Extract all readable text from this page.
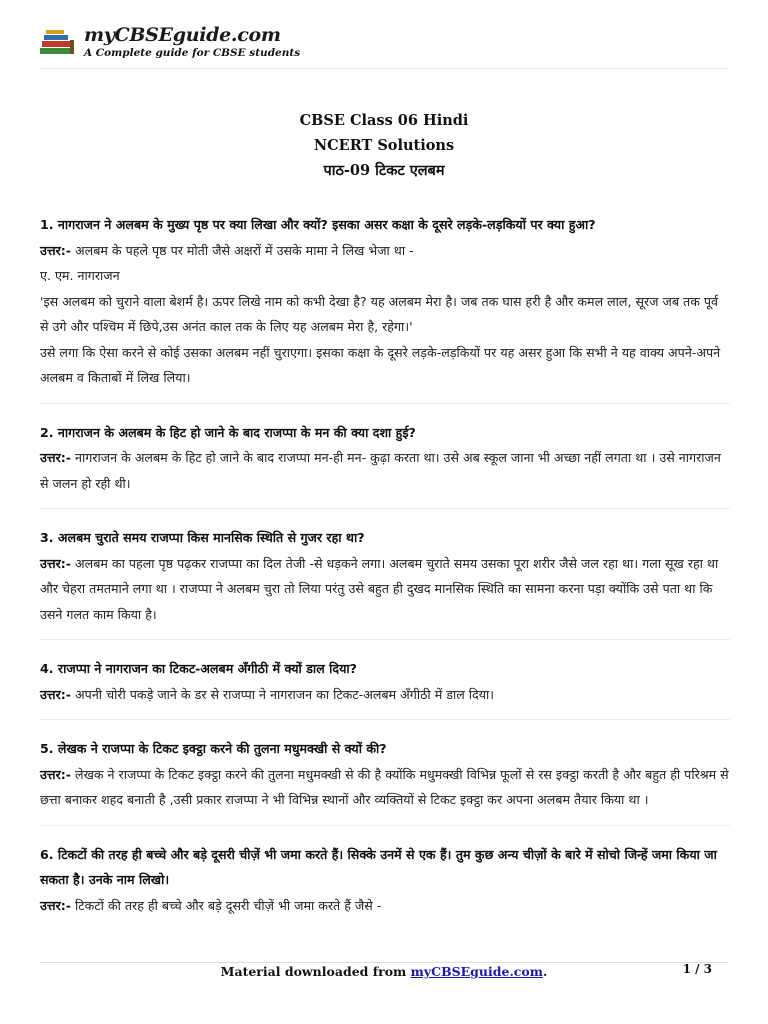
myCBSEguide.com
A Complete guide for CBSE students
CBSE Class 06 Hindi
NCERT Solutions
पाठ-09 टिकट एलबम
1. नागराजन ने अलबम के मुख्य पृष्ठ पर क्या लिखा और क्यों? इसका असर कक्षा के दूसरे लड़के-लड़कियों पर क्या हुआ?
उत्तर:- अलबम के पहले पृष्ठ पर मोती जैसे अक्षरों में उसके मामा ने लिख भेजा था -
ए. एम. नागराजन
'इस अलबम को चुराने वाला बेशर्म है। ऊपर लिखे नाम को कभी देखा है? यह अलबम मेरा है। जब तक घास हरी है और कमल लाल, सूरज जब तक पूर्व से उगे और पश्चिम में छिपे,उस अनंत काल तक के लिए यह अलबम मेरा है, रहेगा।'
उसे लगा कि ऐसा करने से कोई उसका अलबम नहीं चुराएगा। इसका कक्षा के दूसरे लड़के-लड़कियों पर यह असर हुआ कि सभी ने यह वाक्य अपने-अपने अलबम व किताबों में लिख लिया।
2. नागराजन के अलबम के हिट हो जाने के बाद राजप्पा के मन की क्या दशा हुई?
उत्तर:- नागराजन के अलबम के हिट हो जाने के बाद राजप्पा मन-ही मन- कुढ़ा करता था। उसे अब स्कूल जाना भी अच्छा नहीं लगता था । उसे नागराजन से जलन हो रही थी।
3. अलबम चुराते समय राजप्पा किस मानसिक स्थिति से गुजर रहा था?
उत्तर:- अलबम का पहला पृष्ठ पढ़कर राजप्पा का दिल तेजी -से धड़कने लगा। अलबम चुराते समय उसका पूरा शरीर जैसे जल रहा था। गला सूख रहा था और चेहरा तमतमाने लगा था । राजप्पा ने अलबम चुरा तो लिया परंतु उसे बहुत ही दुखद मानसिक स्थिति का सामना करना पड़ा क्योंकि उसे पता था कि उसने गलत काम किया है।
4. राजप्पा ने नागराजन का टिकट-अलबम अँगीठी में क्यों डाल दिया?
उत्तर:- अपनी चोरी पकड़े जाने के डर से राजप्पा ने नागराजन का टिकट-अलबम अँगीठी में डाल दिया।
5. लेखक ने राजप्पा के टिकट इक्ट्ठा करने की तुलना मधुमक्खी से क्यों की?
उत्तर:- लेखक ने राजप्पा के टिकट इक्ट्ठा करने की तुलना मधुमक्खी से की है क्योंकि मधुमक्खी विभिन्न फूलों से रस इक्ट्ठा करती है और बहुत ही परिश्रम से छत्ता बनाकर शहद बनाती है ,उसी प्रकार राजप्पा ने भी विभिन्न स्थानों और व्यक्तियों से टिकट इक्ट्ठा कर अपना अलबम तैयार किया था ।
6. टिकटों की तरह ही बच्चे और बड़े दूसरी चीज़ें भी जमा करते हैं। सिक्के उनमें से एक हैं। तुम कुछ अन्य चीज़ों के बारे में सोचो जिन्हें जमा किया जा सकता है। उनके नाम लिखो।
उत्तर:- टिकटों की तरह ही बच्चे और बड़े दूसरी चीज़ें भी जमा करते हैं जैसे -
Material downloaded from myCBSEguide.com.	1 / 3
